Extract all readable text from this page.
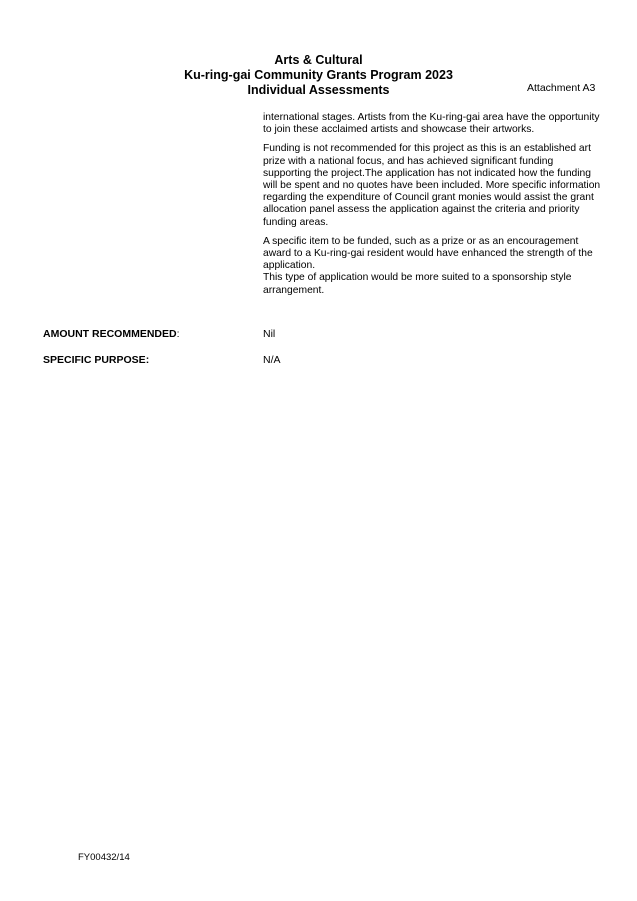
Arts & Cultural
Ku-ring-gai Community Grants Program 2023
Individual Assessments	Attachment A3

international stages. Artists from the Ku-ring-gai area have the opportunity
to join these acclaimed artists and showcase their artworks.

Funding is not recommended for this project as this is an established art
prize with a national focus, and has achieved significant funding
supporting the project.The application has not indicated how the funding
will be spent and no quotes have been included. More specific information
regarding the expenditure of Council grant monies would assist the grant
allocation panel assess the application against the criteria and priority
funding areas.

A specific item to be funded, such as a prize or as an encouragement
award to a Ku-ring-gai resident would have enhanced the strength of the
application.
This type of application would be more suited to a sponsorship style
arrangement.

AMOUNT RECOMMENDED:	Nil
SPECIFIC PURPOSE:	N/A
FY00432/14
